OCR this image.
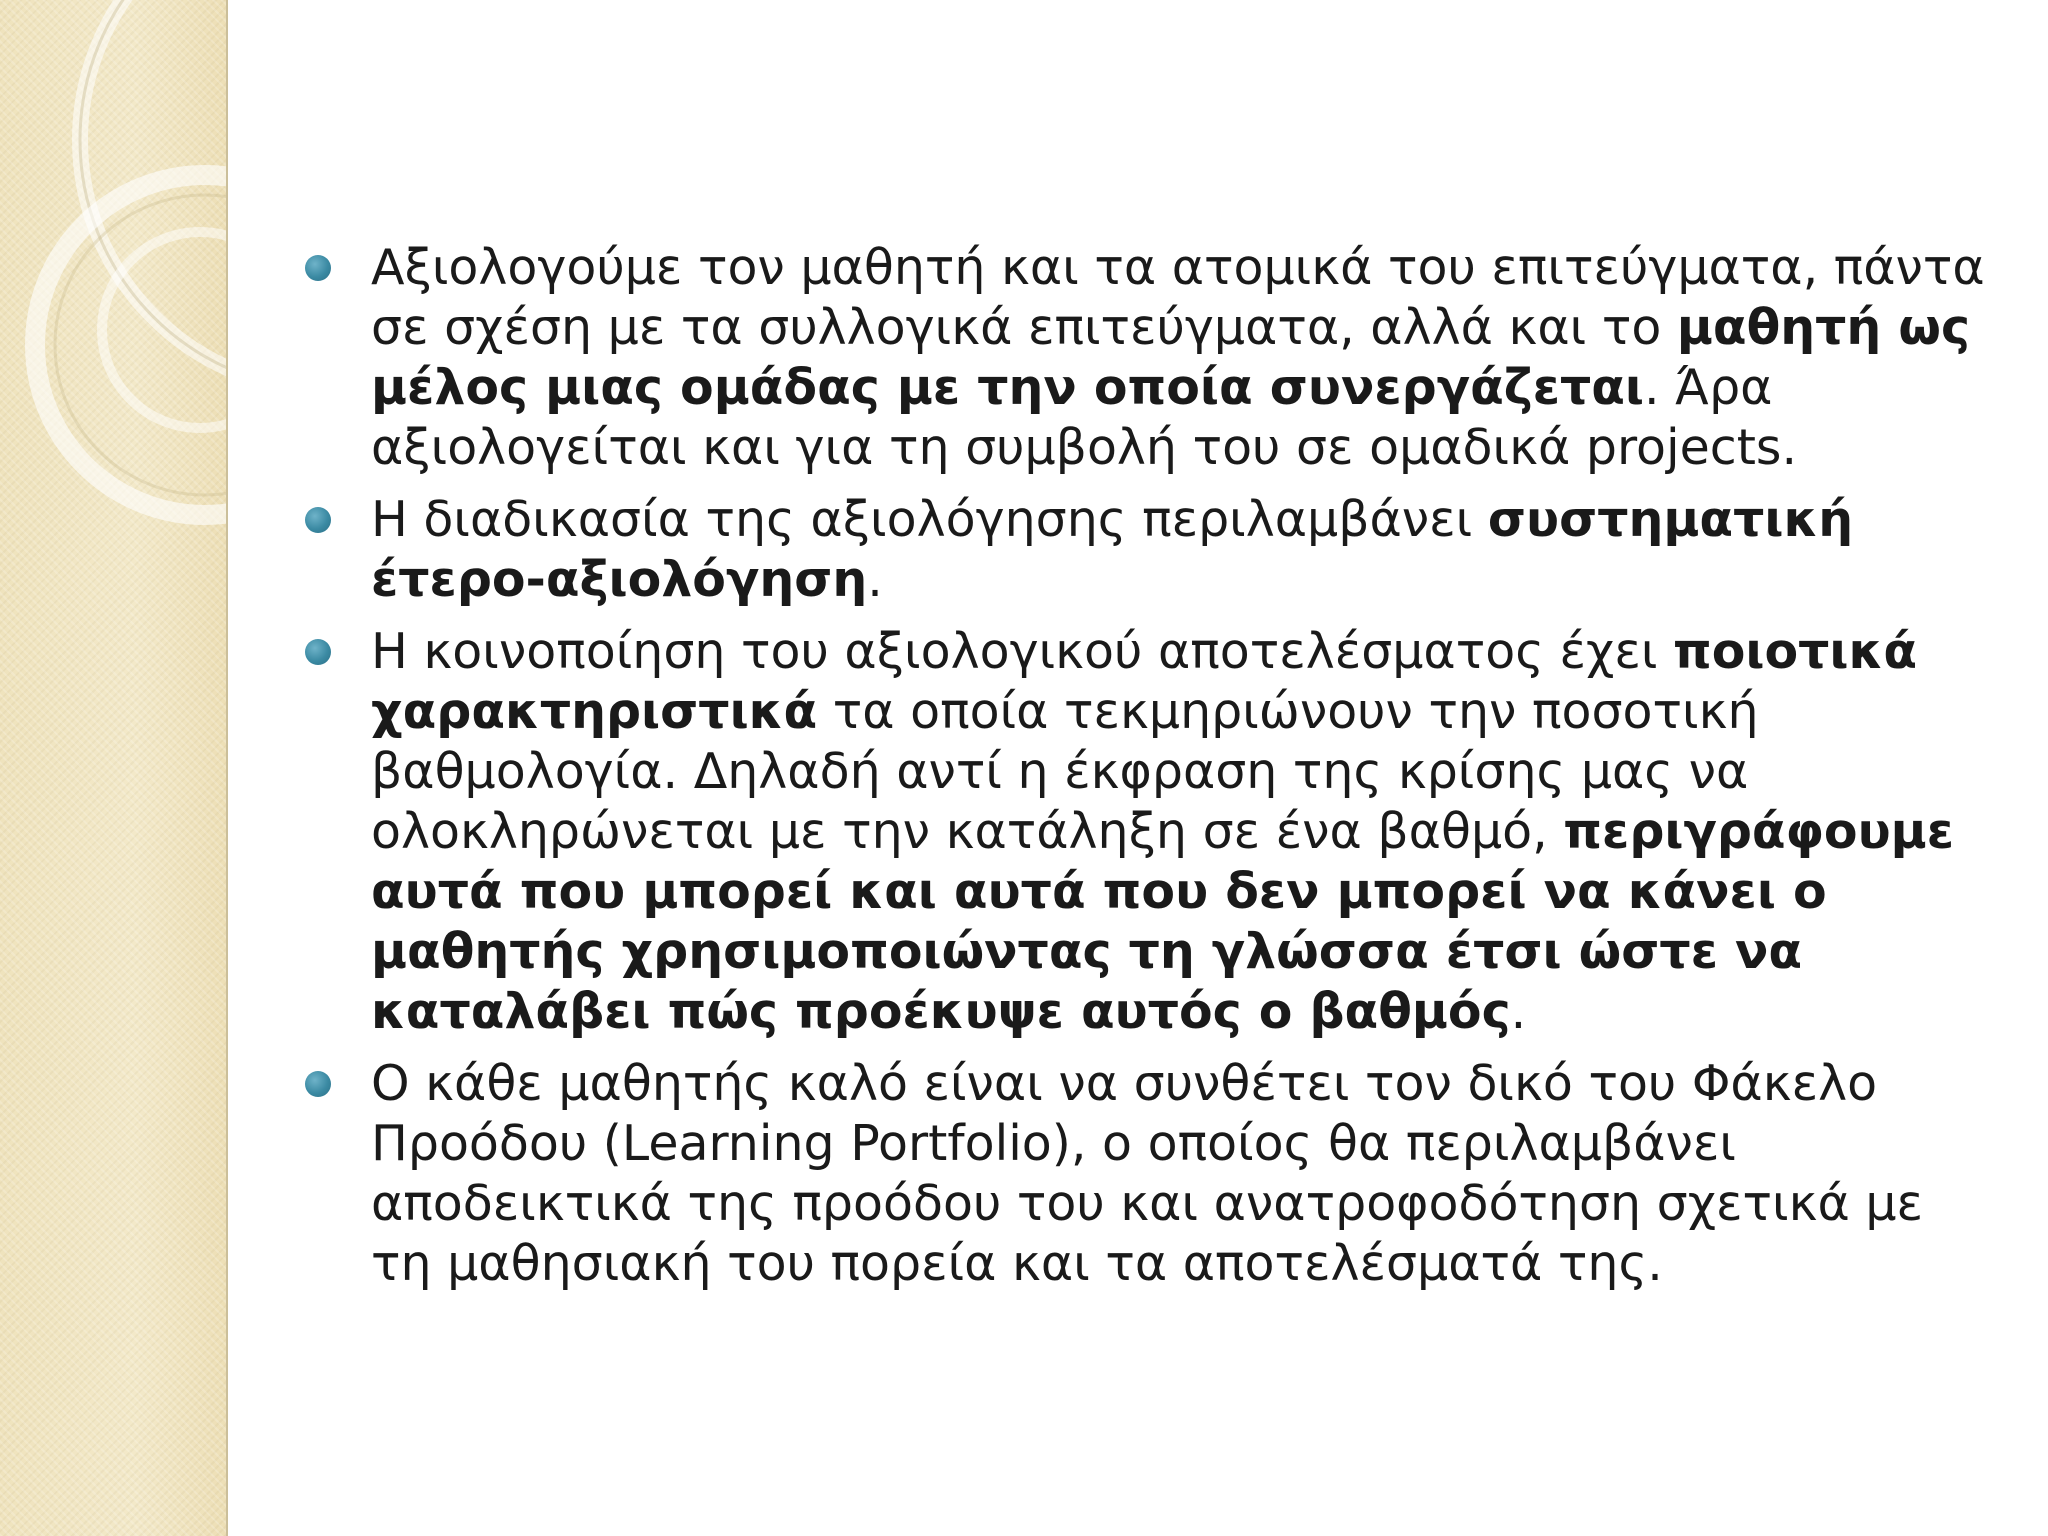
Αξιολογούμε τον μαθητή και τα ατομικά του επιτεύγματα, πάντα σε σχέση με τα συλλογικά επιτεύγματα, αλλά και το μαθητή ως μέλος μιας ομάδας με την οποία συνεργάζεται. Άρα αξιολογείται και για τη συμβολή του σε ομαδικά projects.
Η διαδικασία της αξιολόγησης περιλαμβάνει συστηματική έτερο-αξιολόγηση.
Η κοινοποίηση του αξιολογικού αποτελέσματος έχει ποιοτικά χαρακτηριστικά τα οποία τεκμηριώνουν την ποσοτική βαθμολογία. Δηλαδή αντί η έκφραση της κρίσης μας να ολοκληρώνεται με την κατάληξη σε ένα βαθμό, περιγράφουμε αυτά που μπορεί και αυτά που δεν μπορεί να κάνει ο μαθητής χρησιμοποιώντας τη γλώσσα έτσι ώστε να καταλάβει πώς προέκυψε αυτός ο βαθμός.
Ο κάθε μαθητής καλό είναι να συνθέτει τον δικό του Φάκελο Προόδου (Learning Portfolio), ο οποίος θα περιλαμβάνει αποδεικτικά της προόδου του και ανατροφοδότηση σχετικά με τη μαθησιακή του πορεία και τα αποτελέσματά της.
